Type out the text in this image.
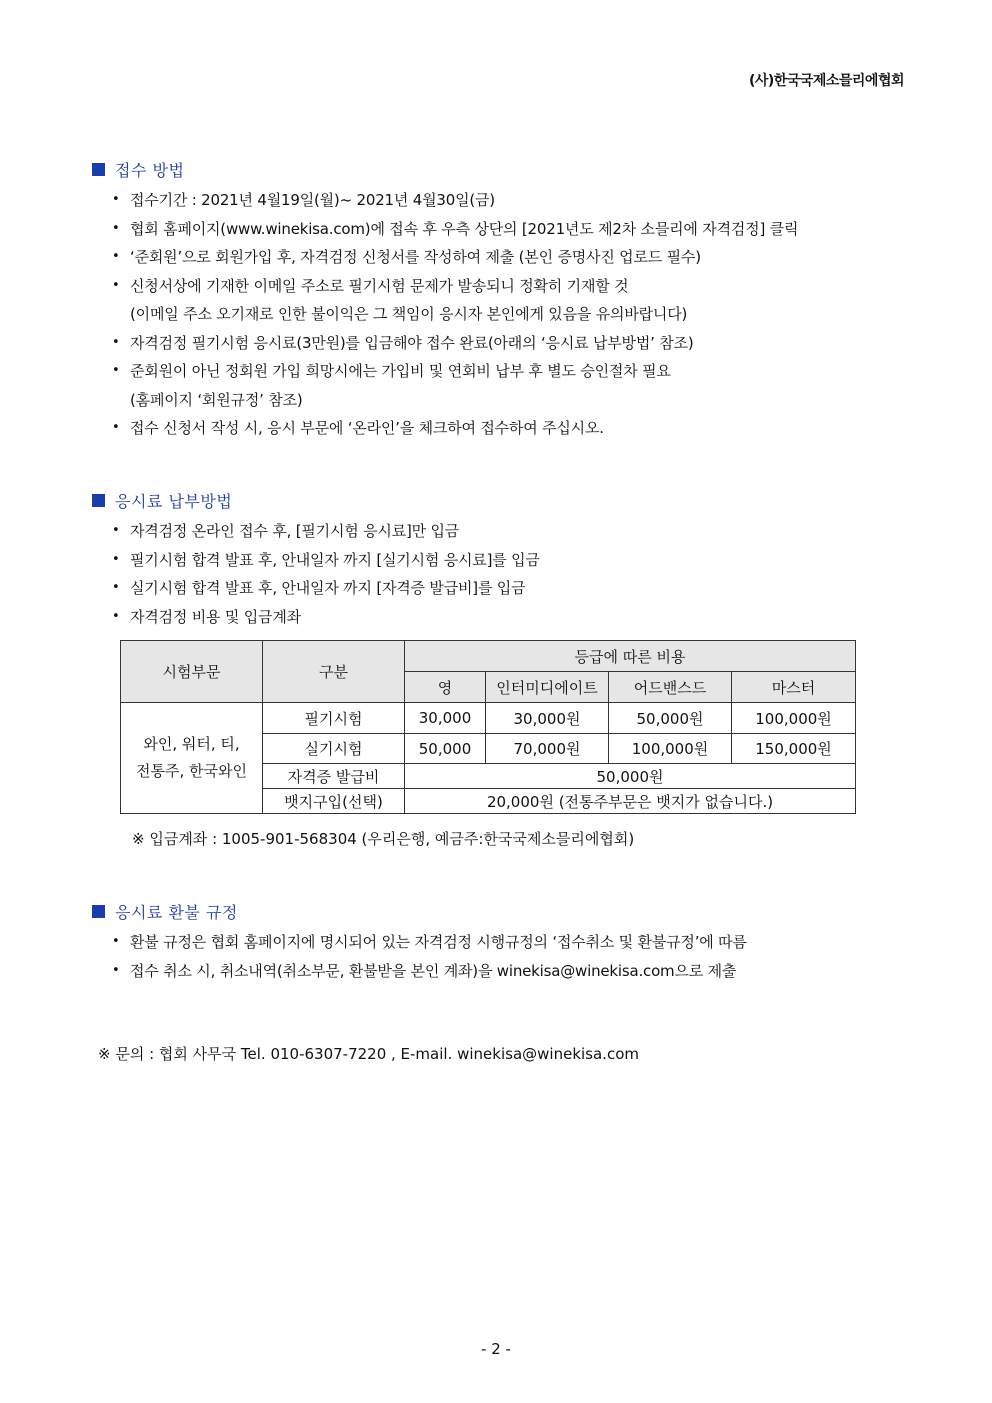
(사)한국국제소믈리에협회
접수 방법
• 접수기간 : 2021년 4월19일(월)~ 2021년 4월30일(금)
• 협회 홈페이지(www.winekisa.com)에 접속 후 우측 상단의 [2021년도 제2차 소믈리에 자격검정] 클릭
• ‘준회원’으로 회원가입 후, 자격검정 신청서를 작성하여 제출 (본인 증명사진 업로드 필수)
• 신청서상에 기재한 이메일 주소로 필기시험 문제가 발송되니 정확히 기재할 것
(이메일 주소 오기재로 인한 불이익은 그 책임이 응시자 본인에게 있음을 유의바랍니다)
• 자격검정 필기시험 응시료(3만원)를 입금해야 접수 완료(아래의 ‘응시료 납부방법’ 참조)
• 준회원이 아닌 정회원 가입 희망시에는 가입비 및 연회비 납부 후 별도 승인절차 필요
(홈페이지 ‘회원규정’ 참조)
• 접수 신청서 작성 시, 응시 부문에 ‘온라인’을 체크하여 접수하여 주십시오.
응시료 납부방법
• 자격검정 온라인 접수 후, [필기시험 응시료]만 입금
• 필기시험 합격 발표 후, 안내일자 까지 [실기시험 응시료]를 입금
• 실기시험 합격 발표 후, 안내일자 까지 [자격증 발급비]를 입금
• 자격검정 비용 및 입금계좌
시험부문	구분	등급에 따른 비용			
		영	인터미디에이트	어드밴스드	마스터

와인, 워터, 티,
전통주, 한국와인	필기시험	30,000	30,000원	50,000원	100,000원
	실기시험	50,000	70,000원	100,000원	150,000원
	자격증 발급비	50,000원			
	뱃지구입(선택)	20,000원 (전통주부문은 뱃지가 없습니다.)			
※ 입금계좌 : 1005-901-568304 (우리은행, 예금주:한국국제소믈리에협회)
응시료 환불 규정
• 환불 규정은 협회 홈페이지에 명시되어 있는 자격검정 시행규정의 ‘접수취소 및 환불규정’에 따름
• 접수 취소 시, 취소내역(취소부문, 환불받을 본인 계좌)을 winekisa@winekisa.com으로 제출
※ 문의 : 협회 사무국 Tel. 010-6307-7220 , E-mail. winekisa@winekisa.com
- 2 -
